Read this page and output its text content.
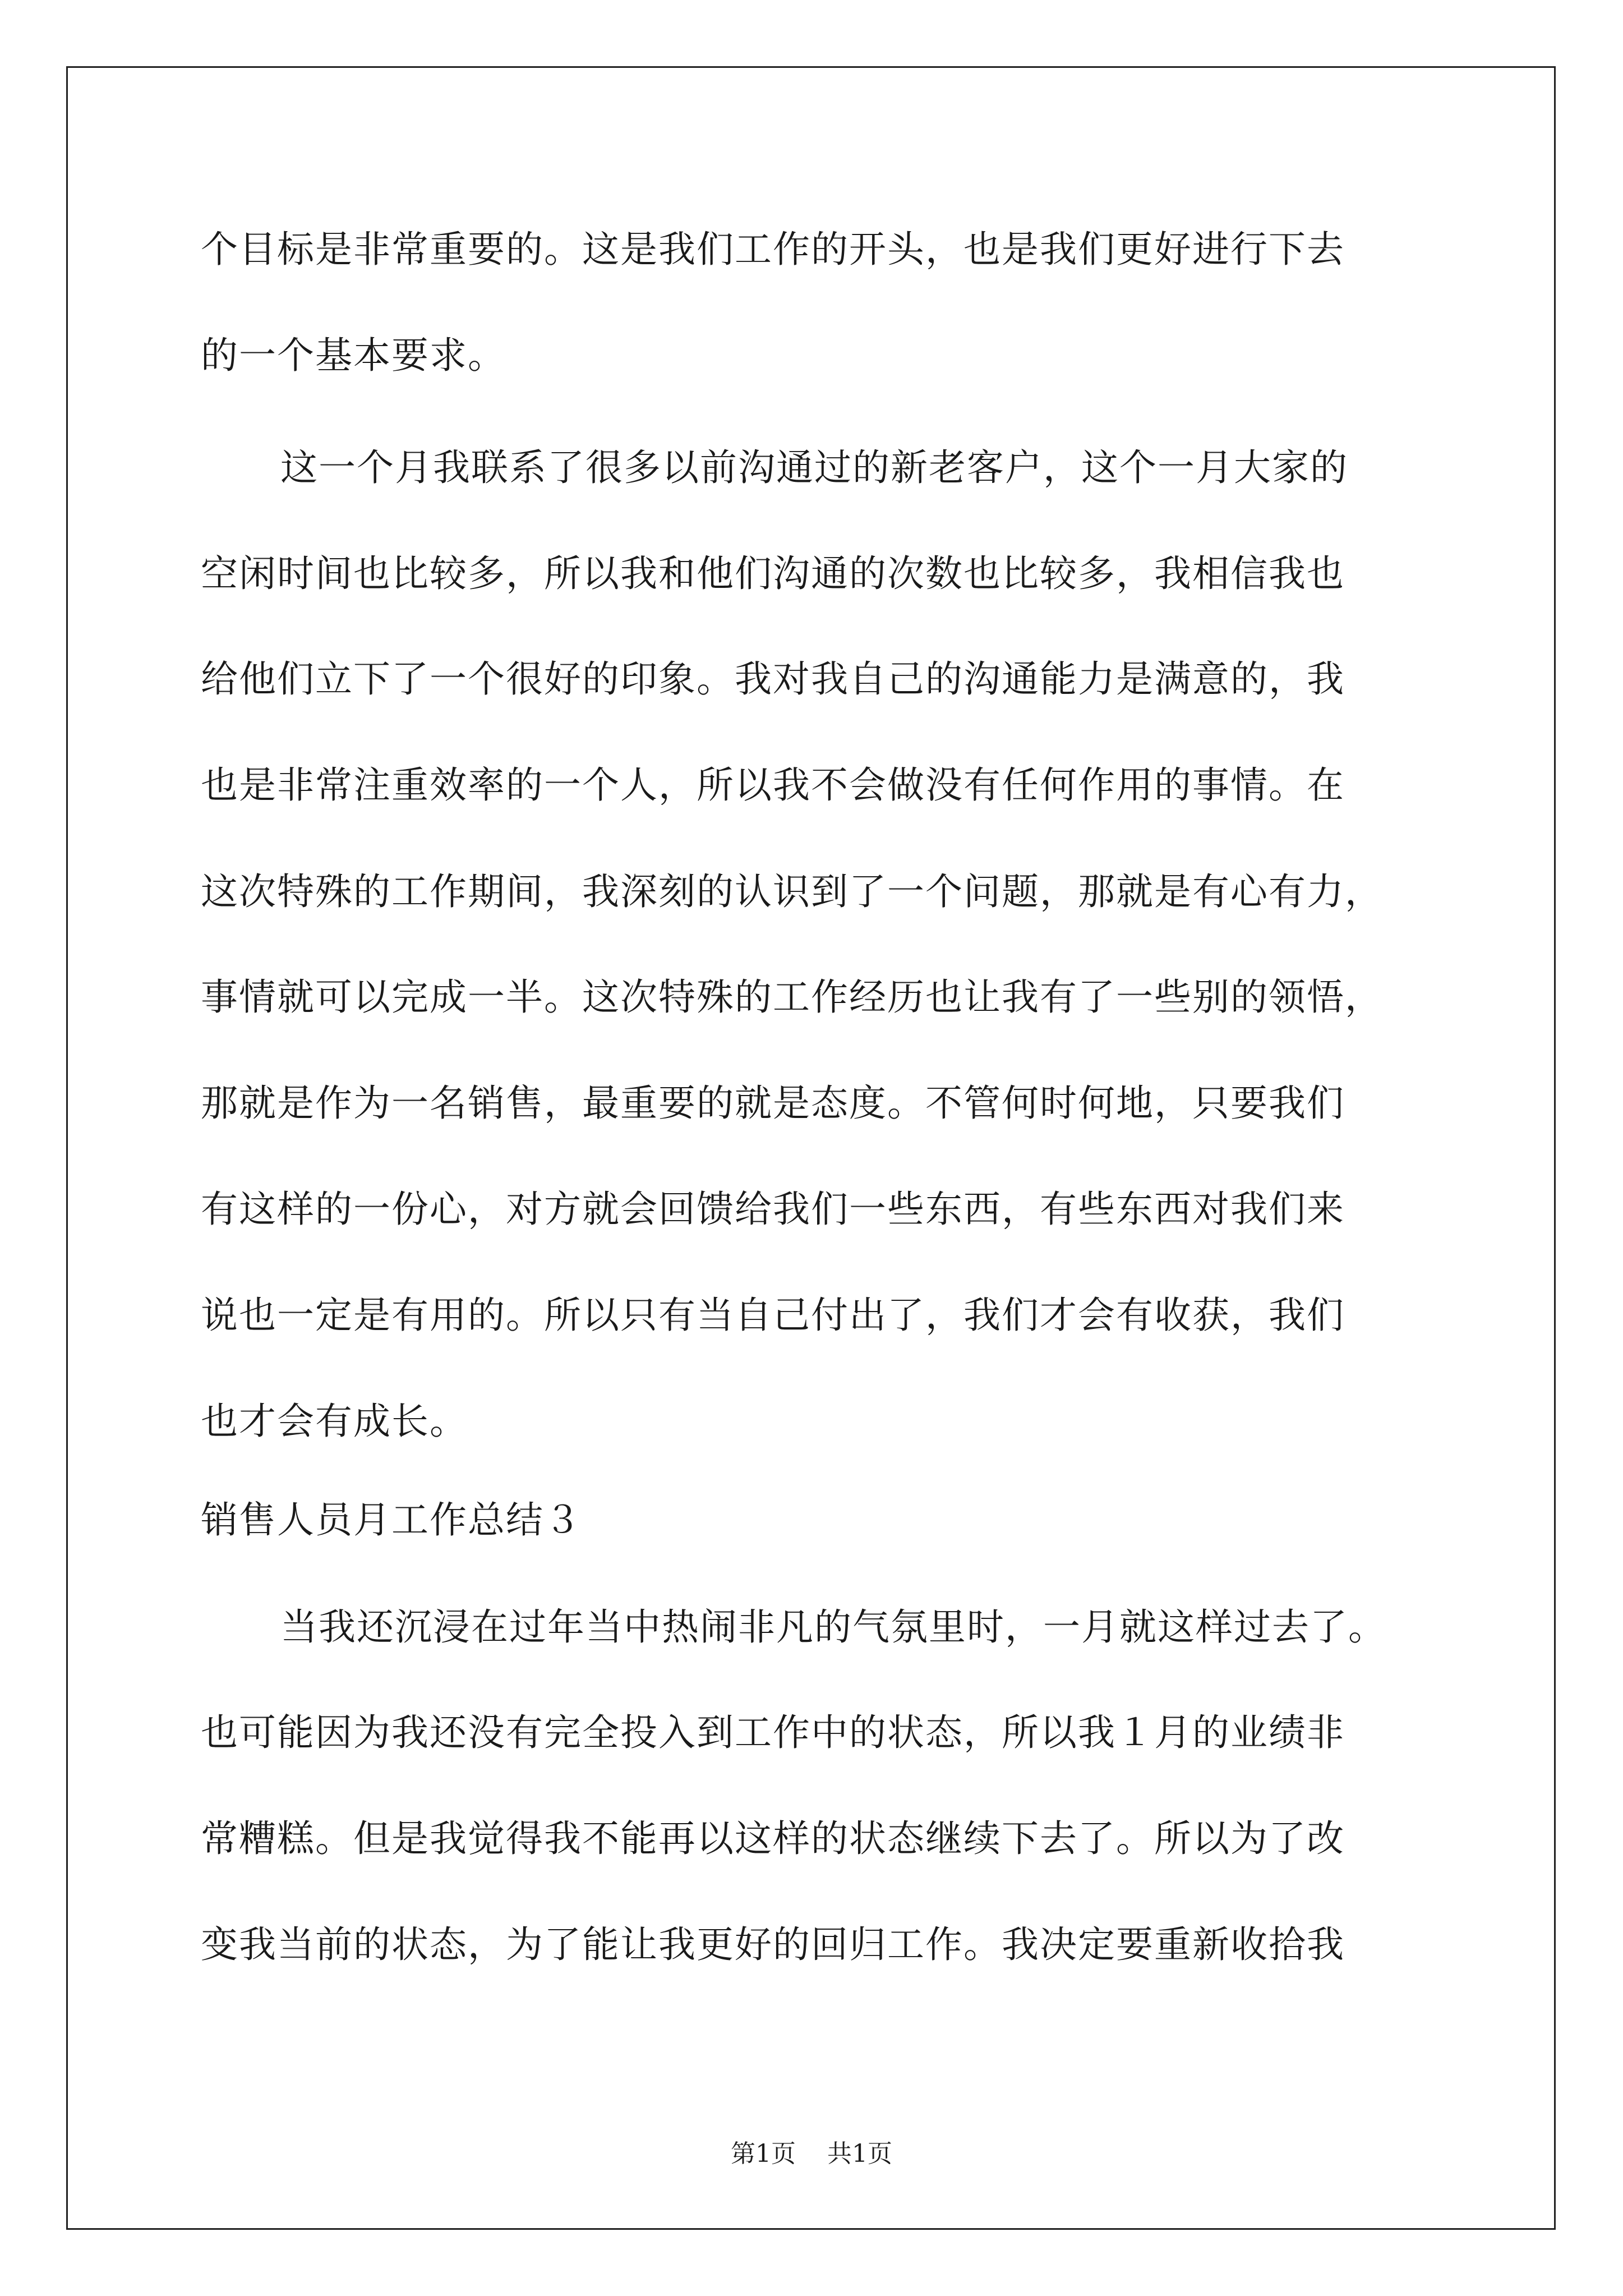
个目标是非常重要的。这是我们工作的开头，也是我们更好进行下去
的一个基本要求。
这一个月我联系了很多以前沟通过的新老客户，这个一月大家的
空闲时间也比较多，所以我和他们沟通的次数也比较多，我相信我也
给他们立下了一个很好的印象。我对我自己的沟通能力是满意的，我
也是非常注重效率的一个人，所以我不会做没有任何作用的事情。在
这次特殊的工作期间，我深刻的认识到了一个问题，那就是有心有力，
事情就可以完成一半。这次特殊的工作经历也让我有了一些别的领悟，
那就是作为一名销售，最重要的就是态度。不管何时何地，只要我们
有这样的一份心，对方就会回馈给我们一些东西，有些东西对我们来
说也一定是有用的。所以只有当自己付出了，我们才会有收获，我们
也才会有成长。
销售人员月工作总结３
当我还沉浸在过年当中热闹非凡的气氛里时，一月就这样过去了。
也可能因为我还没有完全投入到工作中的状态，所以我１月的业绩非
常糟糕。但是我觉得我不能再以这样的状态继续下去了。所以为了改
变我当前的状态，为了能让我更好的回归工作。我决定要重新收拾我
第1页 共1页
